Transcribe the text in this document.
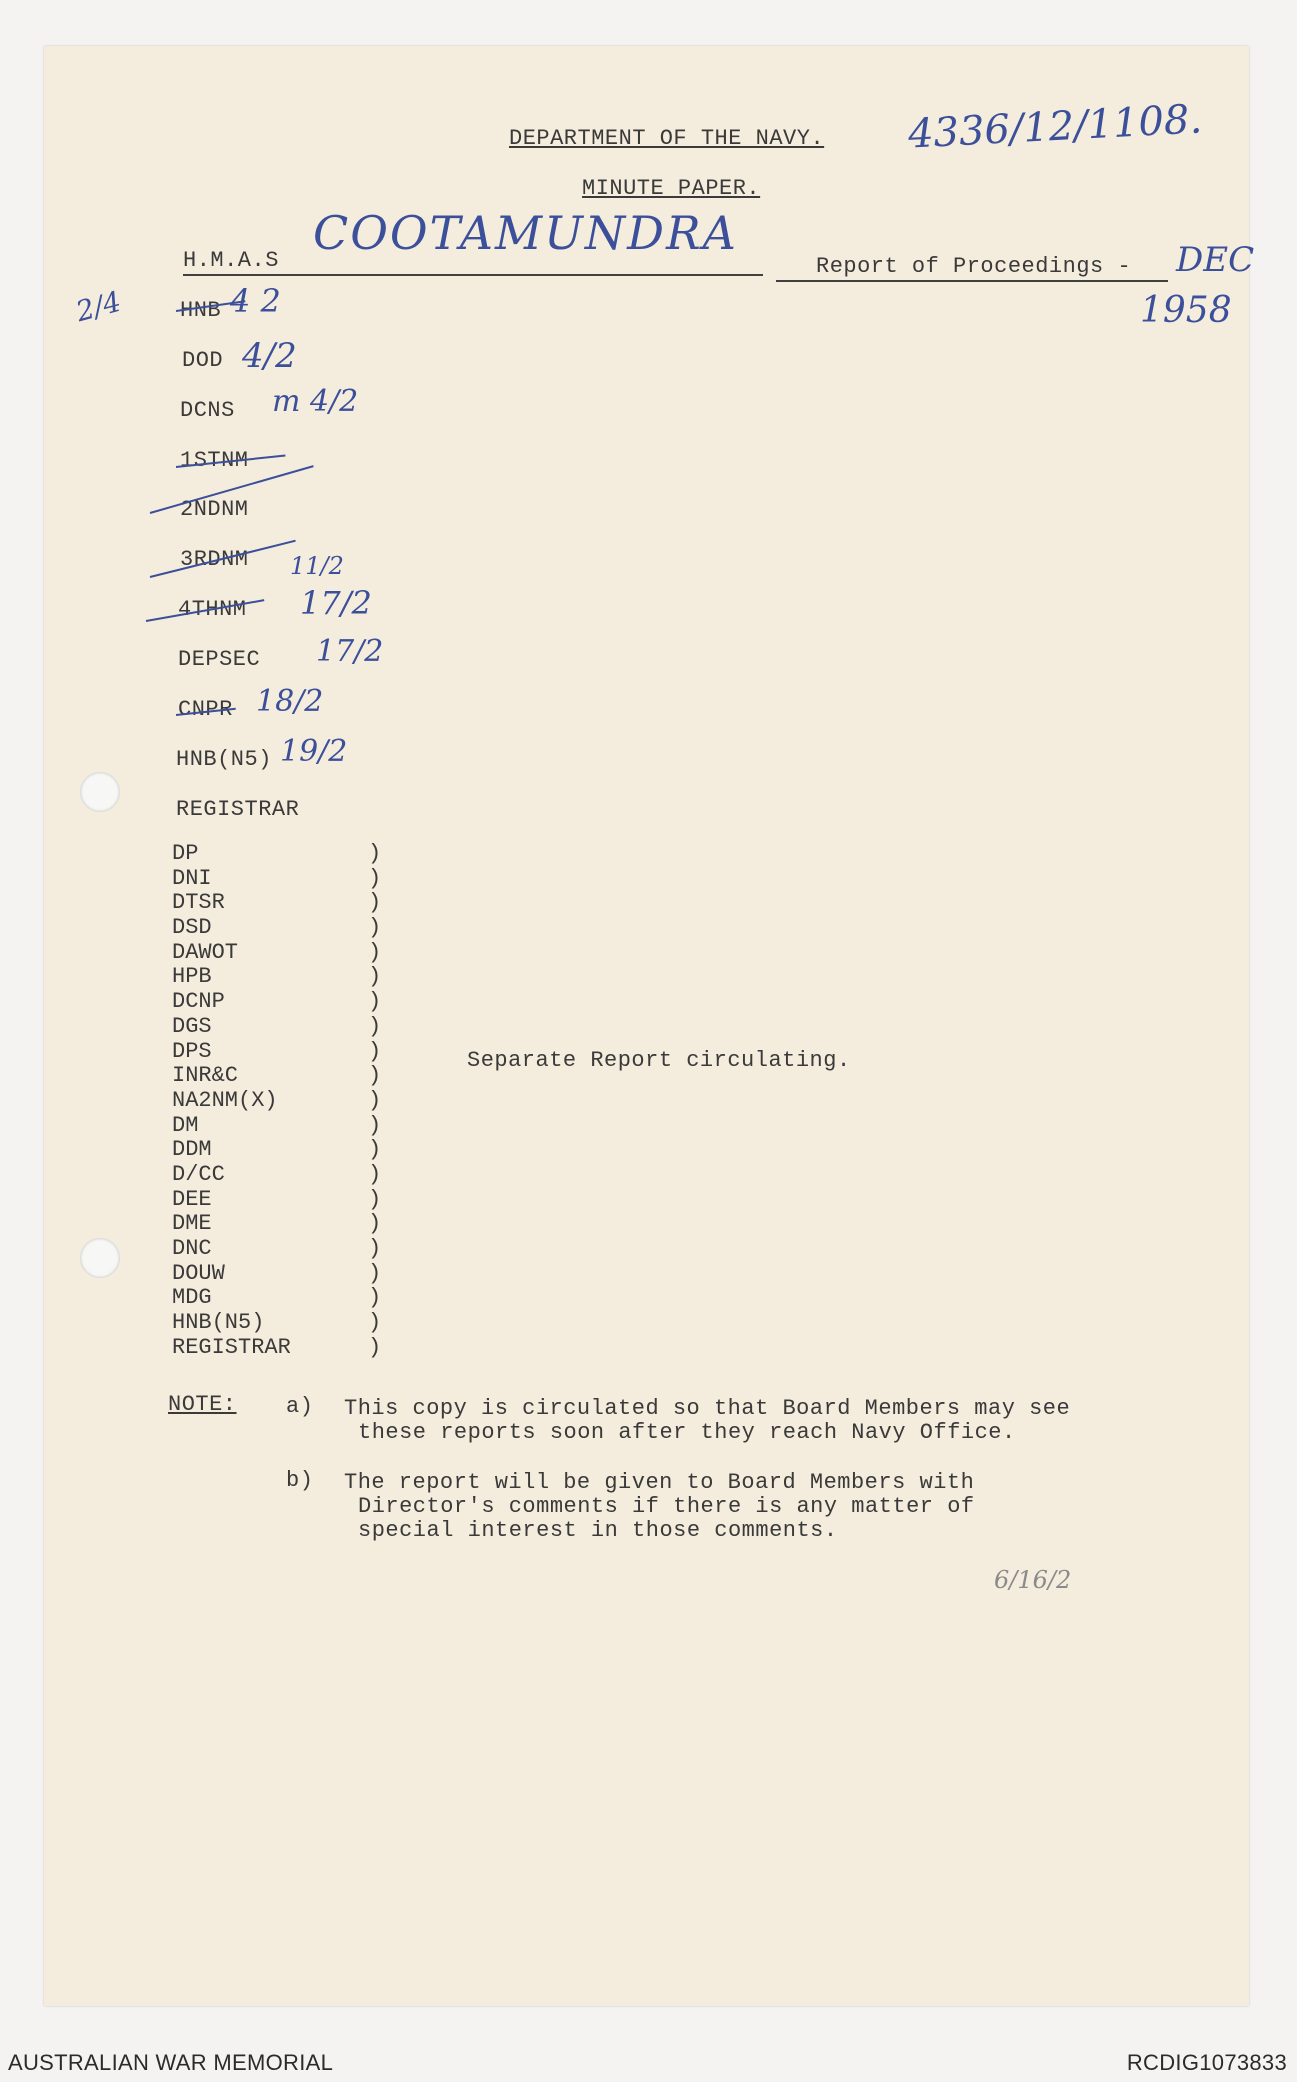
DEPARTMENT OF THE NAVY.
MINUTE PAPER.
4336/12/1108.
H.M.A.S
COOTAMUNDRA
Report of Proceedings - DEC
1958
2/4	HNB 4 2
DOD 4/2
DCNS m 4/2
1STNM
2NDNM
3RDNM 11/2
4THNM 17/2
DEPSEC 17/2
CNPR 18/2
HNB(N5) 19/2
REGISTRAR
DP	)
DNI	)
DTSR	)
DSD	)
DAWOT	)
HPB	)
DCNP	)
DGS	)
DPS	)
INR&C	)
NA2NM(X)	)
DM	)
DDM	)
D/CC	)
DEE	)
DME	)
DNC	)
DOUW	)
MDG	)
HNB(N5)	)
REGISTRAR	)
Separate Report circulating.
NOTE: a) This copy is circulated so that Board Members may see
these reports soon after they reach Navy Office.
b) The report will be given to Board Members with
Director's comments if there is any matter of
special interest in those comments.
6/16/2
AUSTRALIAN WAR MEMORIAL	RCDIG1073833
